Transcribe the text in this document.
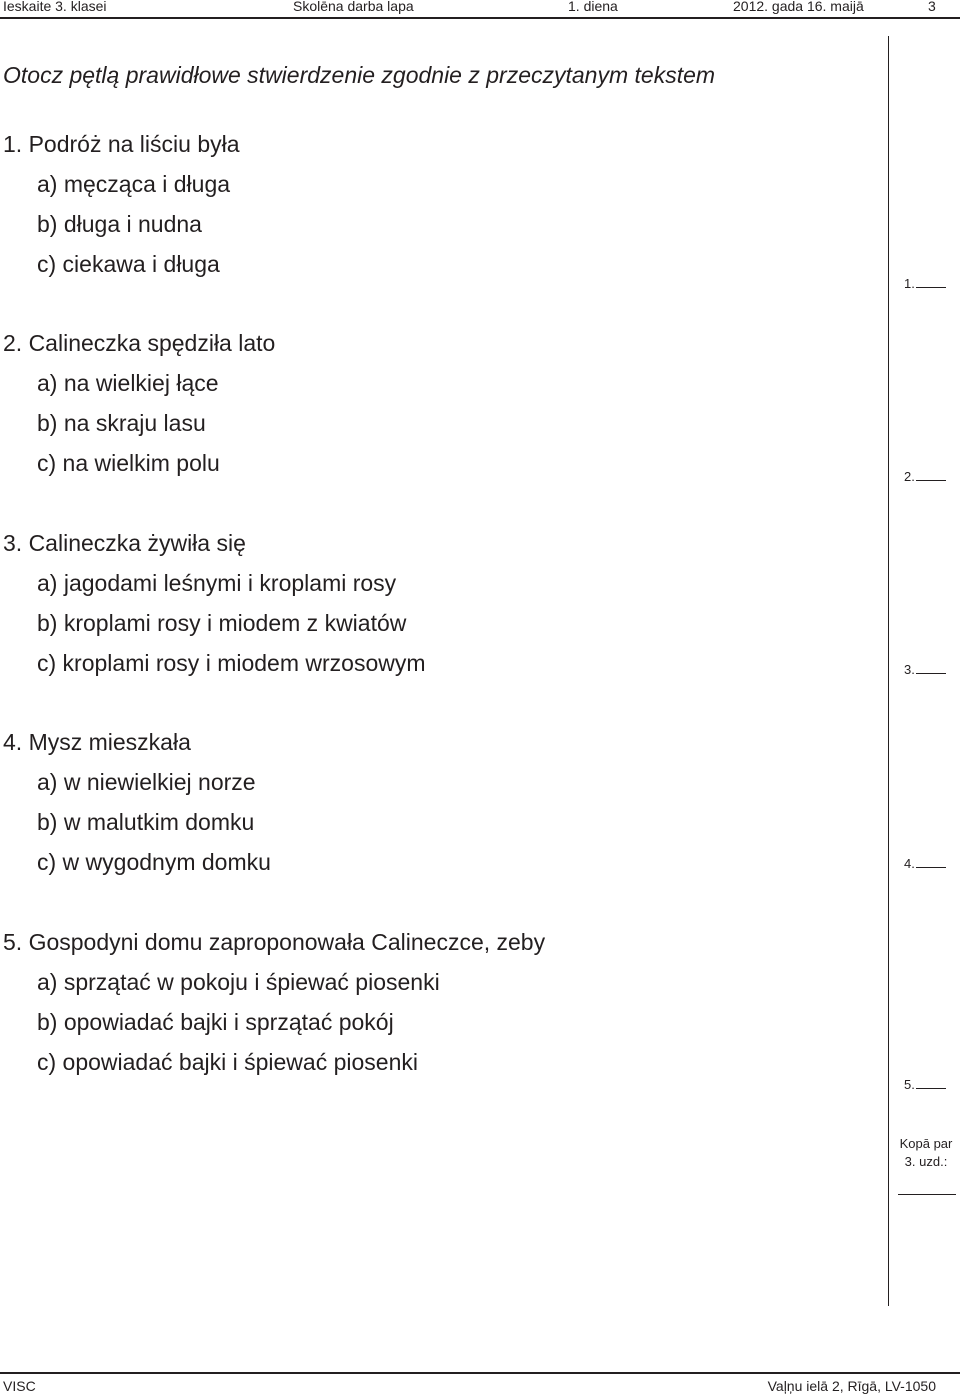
Ieskaite 3. klasei	Skolēna darba lapa	1. diena	2012. gada 16. maijā	3
Otocz pętlą prawidłowe stwierdzenie zgodnie z przeczytanym tekstem
1. Podróż na liściu była
a) męcząca i długa
b) długa i nudna
c) ciekawa i długa
2. Calineczka spędziła lato
a) na wielkiej łące
b) na skraju lasu
c) na wielkim polu
3. Calineczka żywiła się
a) jagodami leśnymi i kroplami rosy
b) kroplami rosy i miodem z kwiatów
c) kroplami rosy i miodem wrzosowym
4. Mysz mieszkała
a) w niewielkiej norze
b) w malutkim domku
c) w wygodnym domku
5. Gospodyni domu zaproponowała Calineczce, zeby
a) sprzątać w pokoju i śpiewać piosenki
b) opowiadać bajki i sprzątać pokój
c) opowiadać bajki i śpiewać piosenki
1.
2.
3.
4.
5.
Kopā par
3. uzd.:
VISC	Vaļņu ielā 2, Rīgā, LV-1050
